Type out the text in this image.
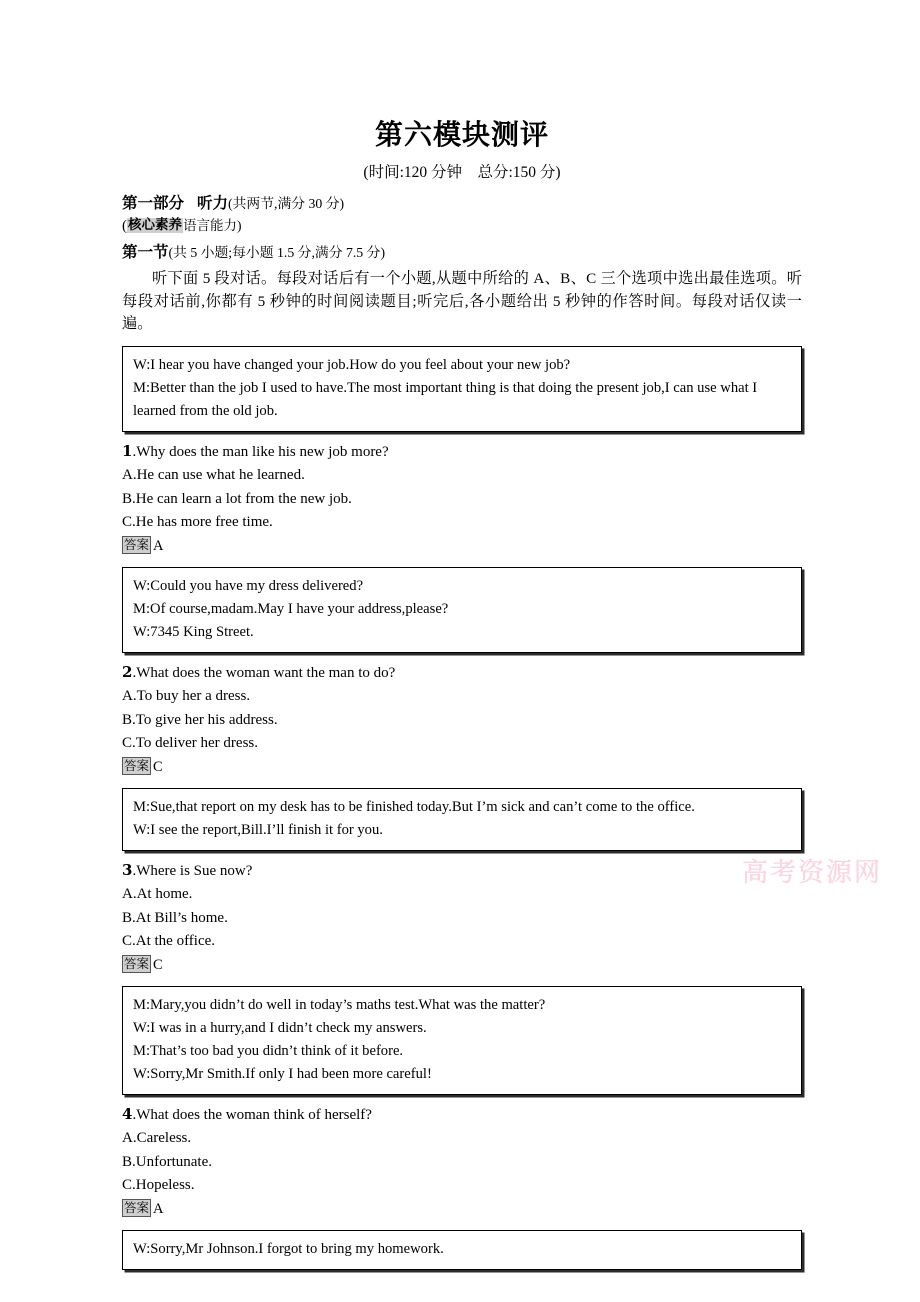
高考资源网
第六模块测评
(时间:120 分钟　总分:150 分)
第一部分 听力(共两节,满分 30 分)
(核心素养语言能力)
第一节(共 5 小题;每小题 1.5 分,满分 7.5 分)
听下面 5 段对话。每段对话后有一个小题,从题中所给的 A、B、C 三个选项中选出最佳选项。听每段对话前,你都有 5 秒钟的时间阅读题目;听完后,各小题给出 5 秒钟的作答时间。每段对话仅读一遍。
W:I hear you have changed your job.How do you feel about your new job?
M:Better than the job I used to have.The most important thing is that doing the present job,I can use what I learned from the old job.
1.Why does the man like his new job more?
A.He can use what he learned.
B.He can learn a lot from the new job.
C.He has more free time.
答案 A
W:Could you have my dress delivered?
M:Of course,madam.May I have your address,please?
W:7345 King Street.
2.What does the woman want the man to do?
A.To buy her a dress.
B.To give her his address.
C.To deliver her dress.
答案 C
M:Sue,that report on my desk has to be finished today.But I’m sick and can’t come to the office.
W:I see the report,Bill.I’ll finish it for you.
3.Where is Sue now?
A.At home.
B.At Bill’s home.
C.At the office.
答案 C
M:Mary,you didn’t do well in today’s maths test.What was the matter?
W:I was in a hurry,and I didn’t check my answers.
M:That’s too bad you didn’t think of it before.
W:Sorry,Mr Smith.If only I had been more careful!
4.What does the woman think of herself?
A.Careless.
B.Unfortunate.
C.Hopeless.
答案 A
W:Sorry,Mr Johnson.I forgot to bring my homework.
